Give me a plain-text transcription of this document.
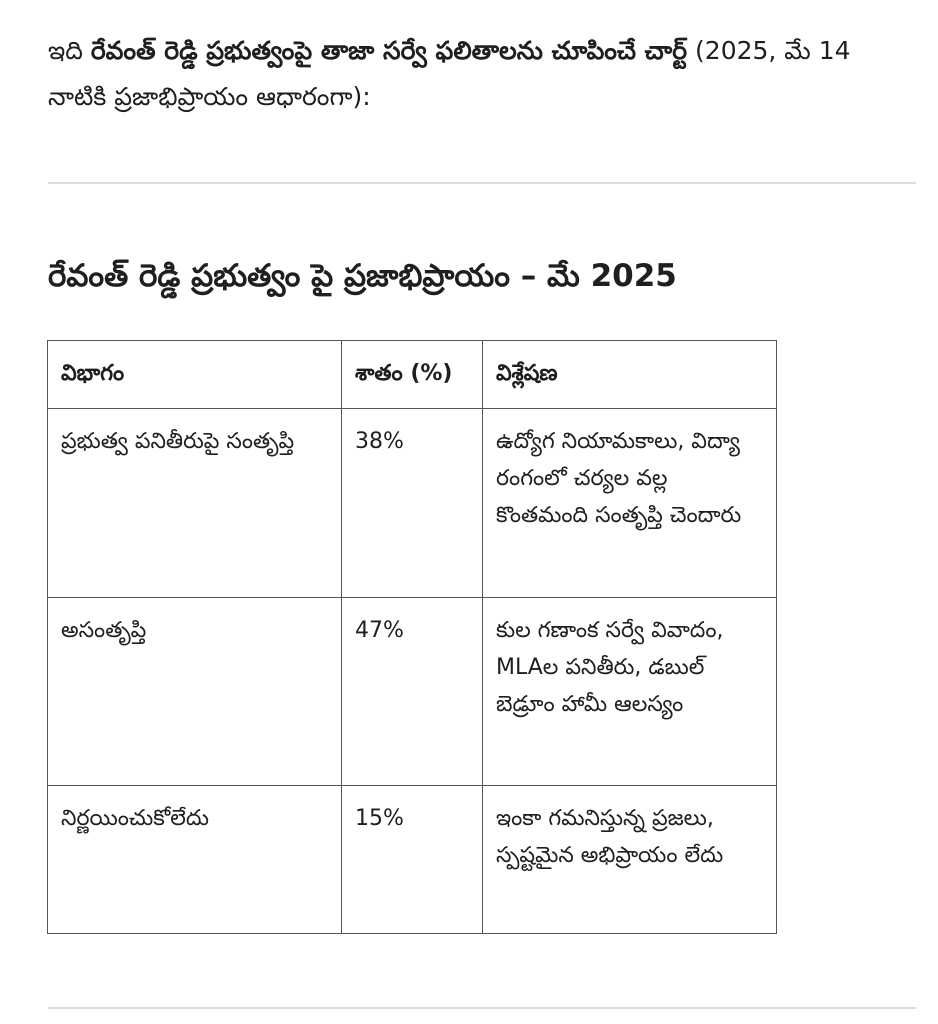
ఇది రేవంత్ రెడ్డి ప్రభుత్వంపై తాజా సర్వే ఫలితాలను చూపించే చార్ట్ (2025, మే 14 నాటికి ప్రజాభిప్రాయం ఆధారంగా):
రేవంత్ రెడ్డి ప్రభుత్వం పై ప్రజాభిప్రాయం – మే 2025
విభాగం	శాతం (%)	విశ్లేషణ
ప్రభుత్వ పనితీరుపై సంతృప్తి	38%	ఉద్యోగ నియామకాలు, విద్యా రంగంలో చర్యల వల్ల కొంతమంది సంతృప్తి చెందారు
అసంతృప్తి	47%	కుల గణాంక సర్వే వివాదం, MLAల పనితీరు, డబుల్ బెడ్రూం హామీ ఆలస్యం
నిర్ణయించుకోలేదు	15%	ఇంకా గమనిస్తున్న ప్రజలు, స్పష్టమైన అభిప్రాయం లేదు
